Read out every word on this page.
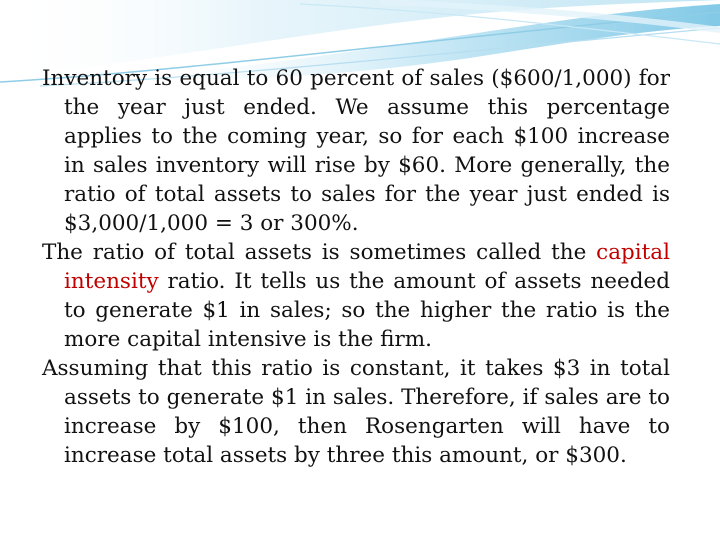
Inventory is equal to 60 percent of sales ($600/1,000) for the year just ended. We assume this percentage applies to the coming year, so for each $100 increase in sales inventory will rise by $60. More generally, the ratio of total assets to sales for the year just ended is $3,000/1,000 = 3 or 300%.

The ratio of total assets is sometimes called the capital intensity ratio. It tells us the amount of assets needed to generate $1 in sales; so the higher the ratio is the more capital intensive is the firm.

Assuming that this ratio is constant, it takes $3 in total assets to generate $1 in sales. Therefore, if sales are to increase by $100, then Rosengarten will have to increase total assets by three this amount, or $300.
